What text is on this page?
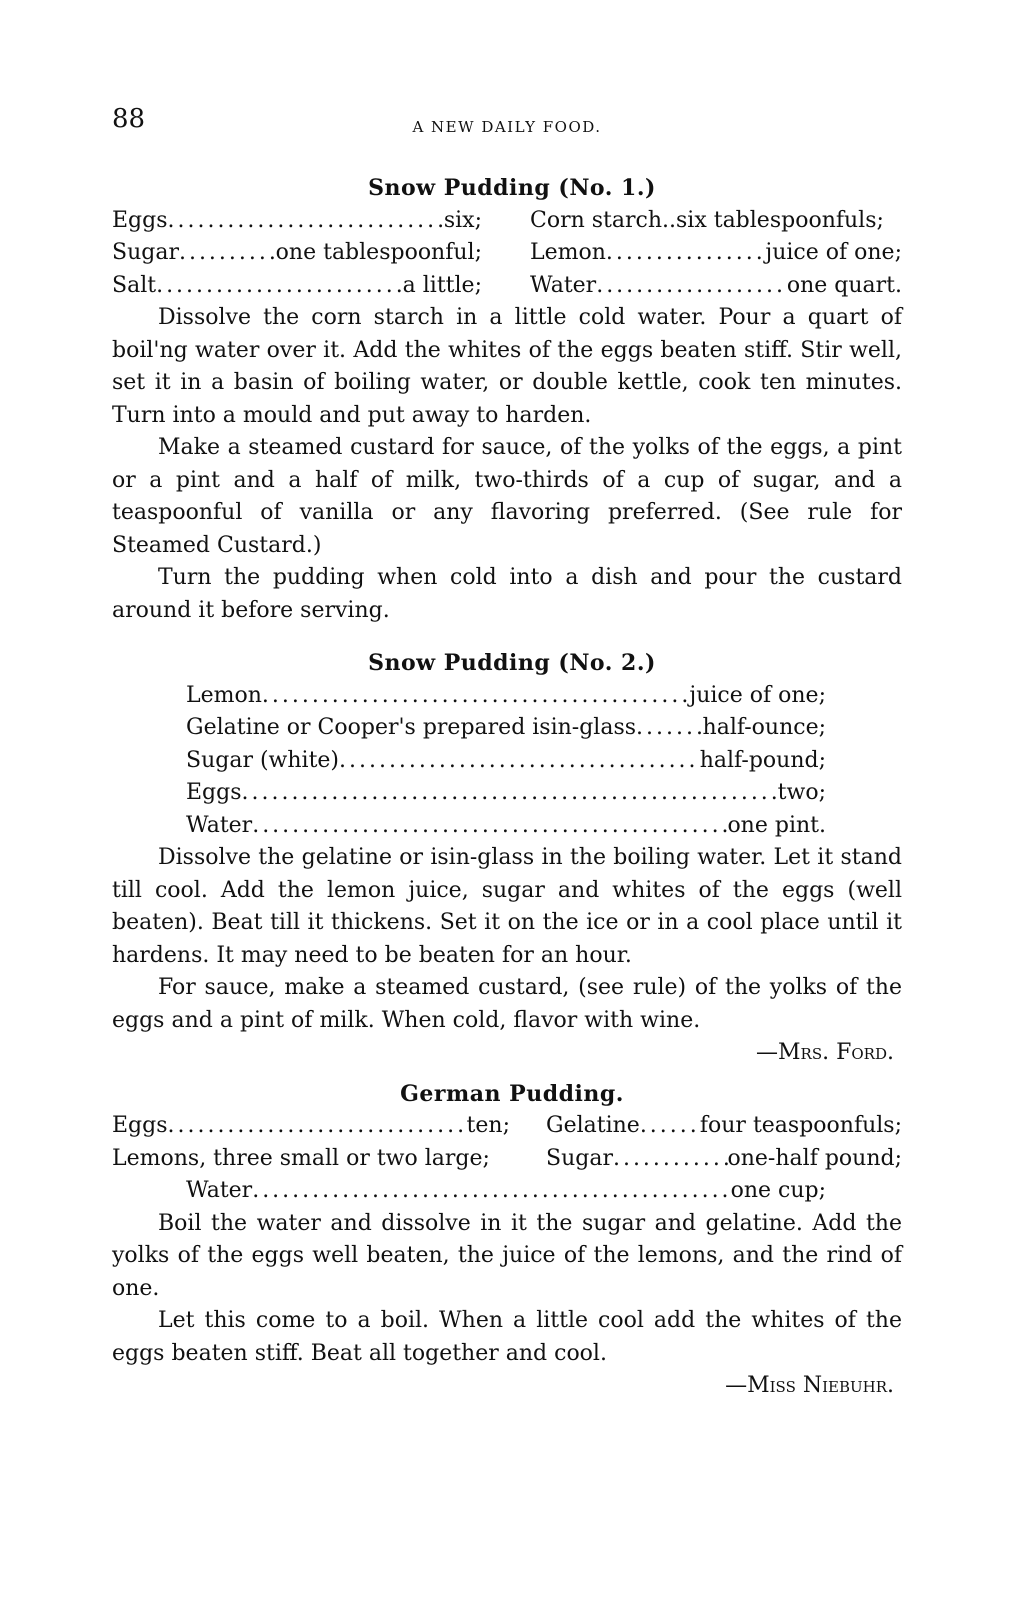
88	A NEW DAILY FOOD.
Snow Pudding (No. 1.)
Eggs . . .	six; Corn starch ..six tablespoonfuls;
Sugar . . .	one tablespoonful; Lemon . . .	juice of one;
Salt . . .	a little; Water . . .	one quart.

Dissolve the corn starch in a little cold water. Pour a quart of boil'ng water over it. Add the whites of the eggs beaten stiff. Stir well, set it in a basin of boiling water, or double kettle, cook ten minutes. Turn into a mould and put away to harden.

Make a steamed custard for sauce, of the yolks of the eggs, a pint or a pint and a half of milk, two-thirds of a cup of sugar, and a teaspoonful of vanilla or any flavoring preferred. (See rule for Steamed Custard.)

Turn the pudding when cold into a dish and pour the custard around it before serving.

Snow Pudding (No. 2.)
Lemon . . .	juice of one;
Gelatine or Cooper's prepared isin-glass . . .	half-ounce;
Sugar (white) . . .	half-pound;
Eggs . . .	two;
Water . . .	one pint.

Dissolve the gelatine or isin-glass in the boiling water. Let it stand till cool. Add the lemon juice, sugar and whites of the eggs (well beaten). Beat till it thickens. Set it on the ice or in a cool place until it hardens. It may need to be beaten for an hour.

For sauce, make a steamed custard, (see rule) of the yolks of the eggs and a pint of milk. When cold, flavor with wine.

—Mrs. Ford.
German Pudding.
Eggs . . .	ten; Gelatine . . .	four teaspoonfuls;
Lemons, three small or two large;	Sugar . . .	one-half pound;
Water . . .	one cup;

Boil the water and dissolve in it the sugar and gelatine. Add the yolks of the eggs well beaten, the juice of the lemons, and the rind of one.

Let this come to a boil. When a little cool add the whites of the eggs beaten stiff. Beat all together and cool.

—Miss Niebuhr.
